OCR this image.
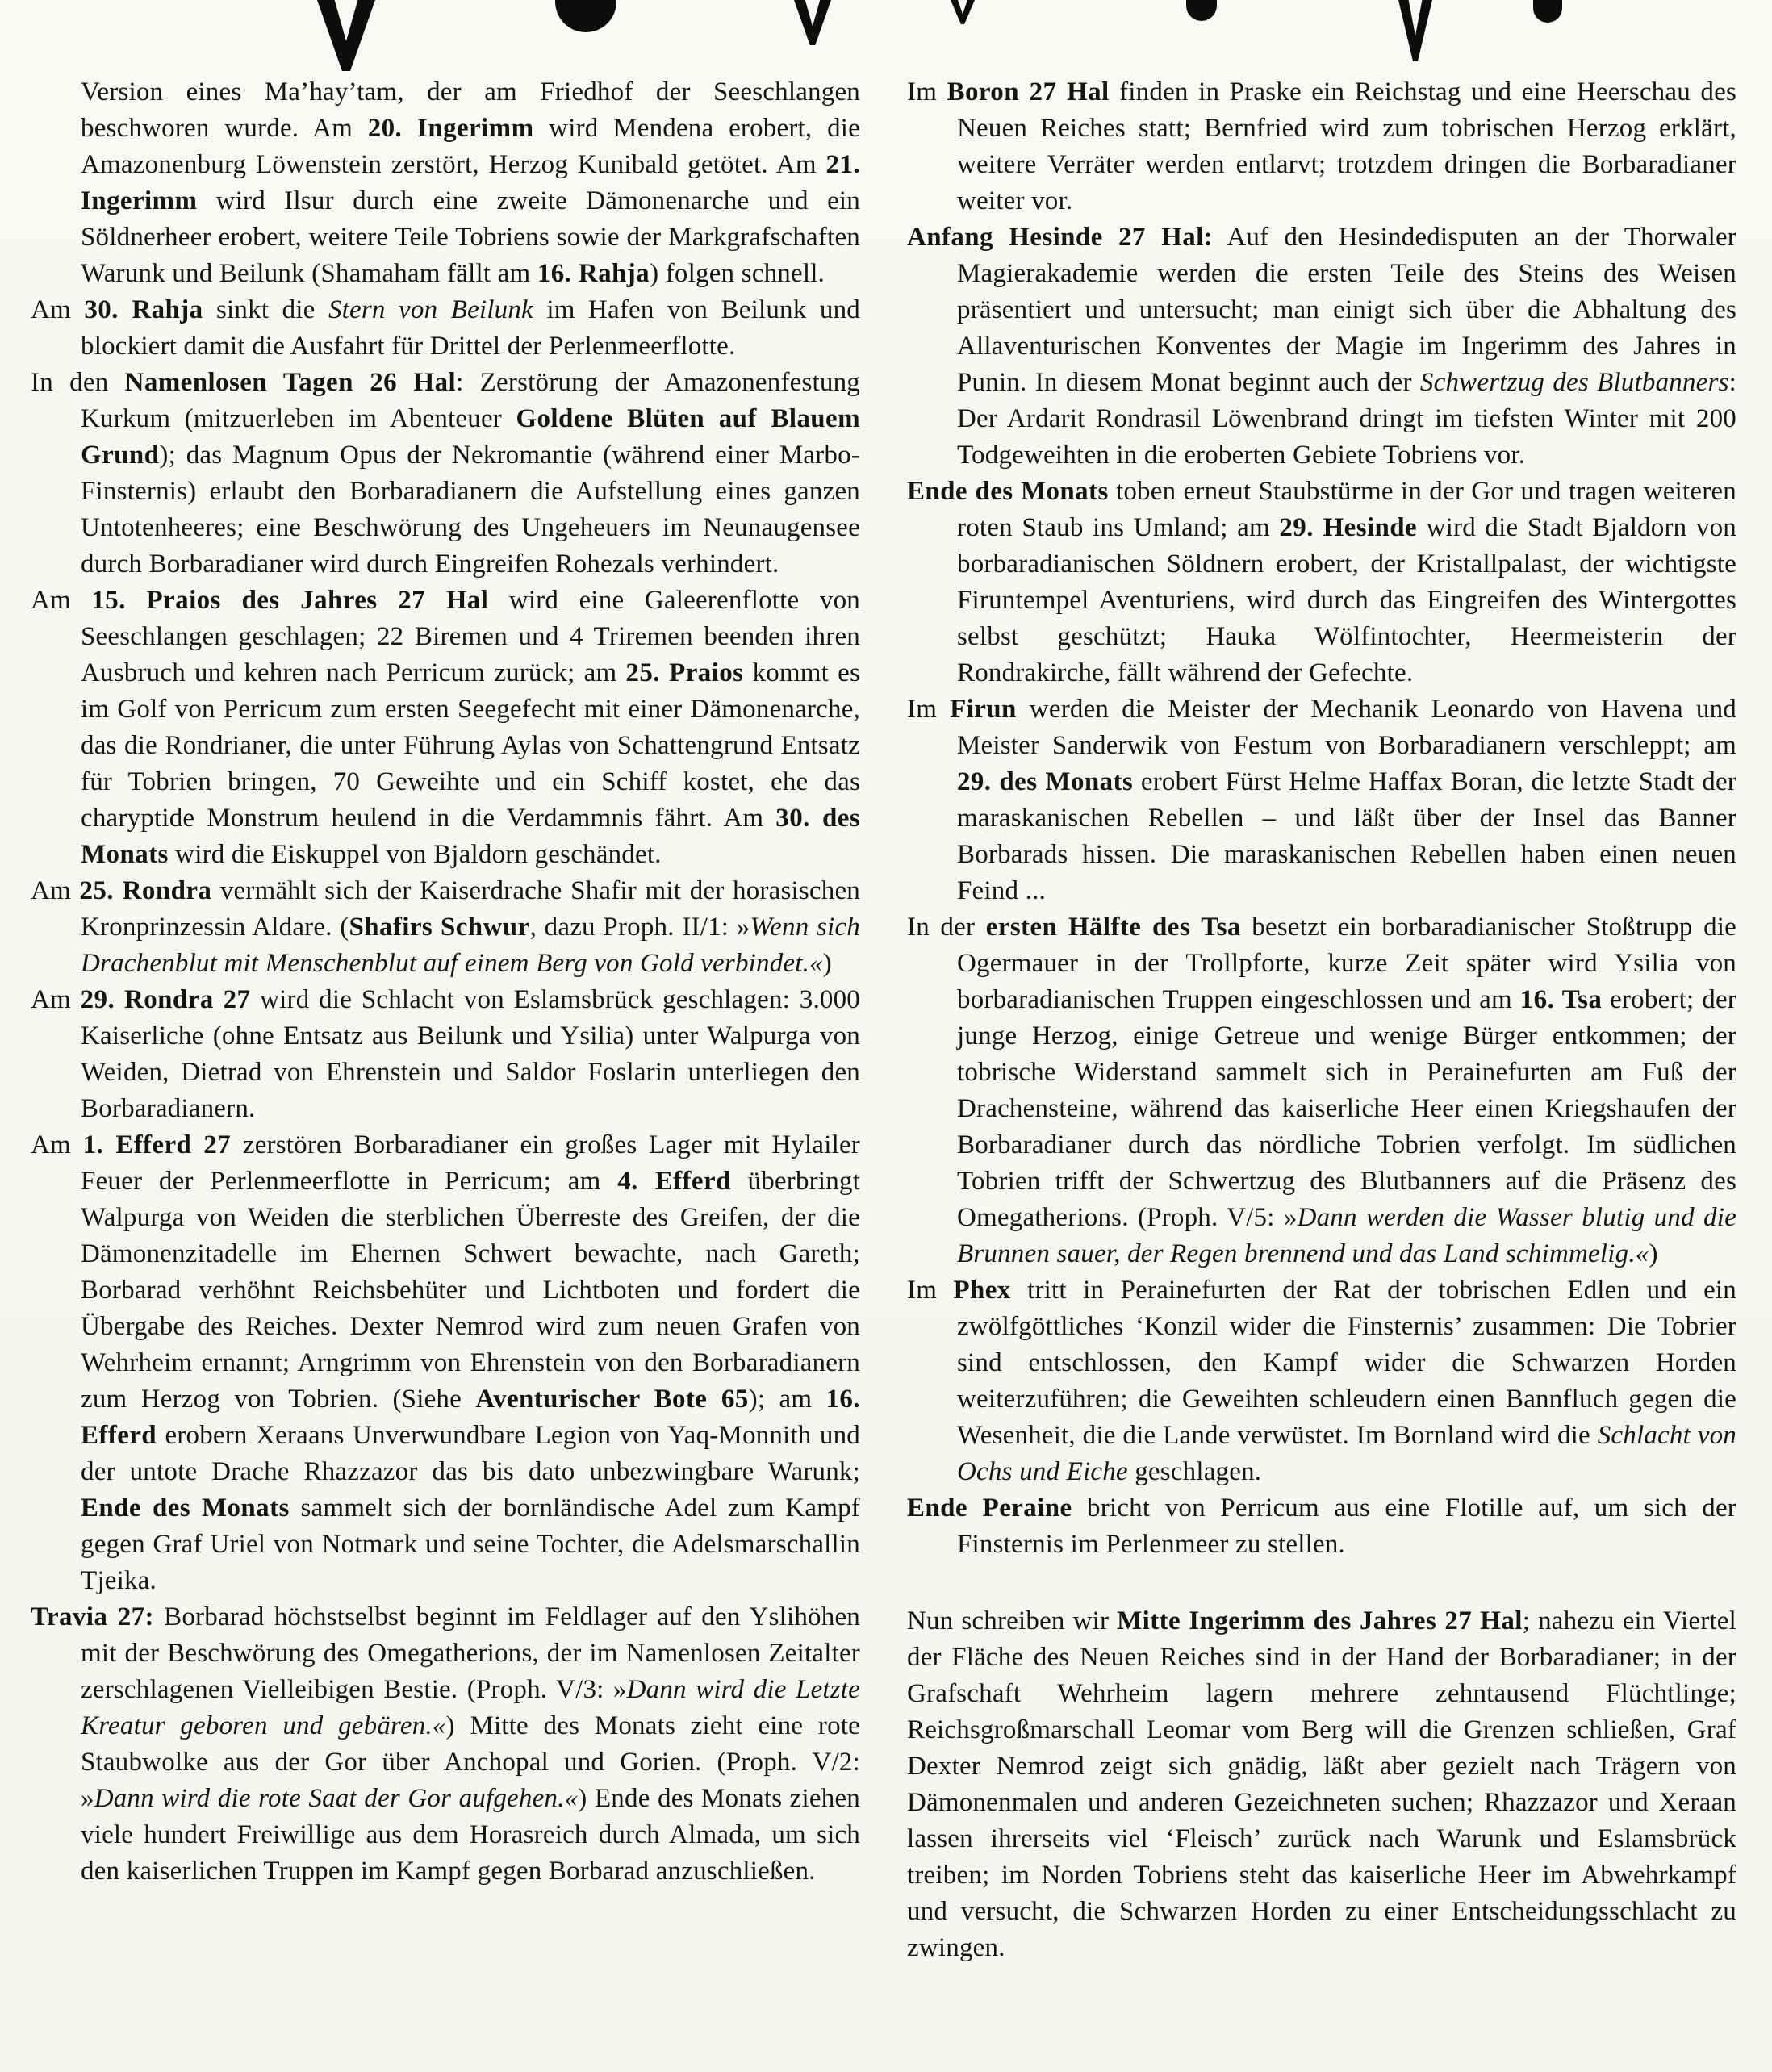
Version eines Ma’hay’tam, der am Friedhof der Seeschlangen beschworen wurde. Am 20. Ingerimm wird Mendena erobert, die Amazonenburg Löwenstein zerstört, Herzog Kunibald getötet. Am 21. Ingerimm wird Ilsur durch eine zweite Dämonenarche und ein Söldnerheer erobert, weitere Teile Tobriens sowie der Markgrafschaften Warunk und Beilunk (Shamaham fällt am 16. Rahja) folgen schnell.

Am 30. Rahja sinkt die Stern von Beilunk im Hafen von Beilunk und blockiert damit die Ausfahrt für Drittel der Perlenmeerflotte.

In den Namenlosen Tagen 26 Hal: Zerstörung der Amazonenfestung Kurkum (mitzuerleben im Abenteuer Goldene Blüten auf Blauem Grund); das Magnum Opus der Nekromantie (während einer Marbo-Finsternis) erlaubt den Borbaradianern die Aufstellung eines ganzen Untotenheeres; eine Beschwörung des Ungeheuers im Neunaugensee durch Borbaradianer wird durch Eingreifen Rohezals verhindert.

Am 15. Praios des Jahres 27 Hal wird eine Galeerenflotte von Seeschlangen geschlagen; 22 Biremen und 4 Triremen beenden ihren Ausbruch und kehren nach Perricum zurück; am 25. Praios kommt es im Golf von Perricum zum ersten Seegefecht mit einer Dämonenarche, das die Rondrianer, die unter Führung Aylas von Schattengrund Entsatz für Tobrien bringen, 70 Geweihte und ein Schiff kostet, ehe das charyptide Monstrum heulend in die Verdammnis fährt. Am 30. des Monats wird die Eiskuppel von Bjaldorn geschändet.

Am 25. Rondra vermählt sich der Kaiserdrache Shafir mit der horasischen Kronprinzessin Aldare. (Shafirs Schwur, dazu Proph. II/1: »Wenn sich Drachenblut mit Menschenblut auf einem Berg von Gold verbindet.«)

Am 29. Rondra 27 wird die Schlacht von Eslamsbrück geschlagen: 3.000 Kaiserliche (ohne Entsatz aus Beilunk und Ysilia) unter Walpurga von Weiden, Dietrad von Ehrenstein und Saldor Foslarin unterliegen den Borbaradianern.

Am 1. Efferd 27 zerstören Borbaradianer ein großes Lager mit Hylailer Feuer der Perlenmeerflotte in Perricum; am 4. Efferd überbringt Walpurga von Weiden die sterblichen Überreste des Greifen, der die Dämonenzitadelle im Ehernen Schwert bewachte, nach Gareth; Borbarad verhöhnt Reichsbehüter und Lichtboten und fordert die Übergabe des Reiches. Dexter Nemrod wird zum neuen Grafen von Wehrheim ernannt; Arngrimm von Ehrenstein von den Borbaradianern zum Herzog von Tobrien. (Siehe Aventurischer Bote 65); am 16. Efferd erobern Xeraans Unverwundbare Legion von Yaq-Monnith und der untote Drache Rhazzazor das bis dato unbezwingbare Warunk; Ende des Monats sammelt sich der bornländische Adel zum Kampf gegen Graf Uriel von Notmark und seine Tochter, die Adelsmarschallin Tjeika.

Travia 27: Borbarad höchstselbst beginnt im Feldlager auf den Yslihöhen mit der Beschwörung des Omegatherions, der im Namenlosen Zeitalter zerschlagenen Vielleibigen Bestie. (Proph. V/3: »Dann wird die Letzte Kreatur geboren und gebären.«) Mitte des Monats zieht eine rote Staubwolke aus der Gor über Anchopal und Gorien. (Proph. V/2: »Dann wird die rote Saat der Gor aufgehen.«) Ende des Monats ziehen viele hundert Freiwillige aus dem Horasreich durch Almada, um sich den kaiserlichen Truppen im Kampf gegen Borbarad anzuschließen.

Im Boron 27 Hal finden in Praske ein Reichstag und eine Heerschau des Neuen Reiches statt; Bernfried wird zum tobrischen Herzog erklärt, weitere Verräter werden entlarvt; trotzdem dringen die Borbaradianer weiter vor.

Anfang Hesinde 27 Hal: Auf den Hesindedisputen an der Thorwaler Magierakademie werden die ersten Teile des Steins des Weisen präsentiert und untersucht; man einigt sich über die Abhaltung des Allaventurischen Konventes der Magie im Ingerimm des Jahres in Punin. In diesem Monat beginnt auch der Schwertzug des Blutbanners: Der Ardarit Rondrasil Löwenbrand dringt im tiefsten Winter mit 200 Todgeweihten in die eroberten Gebiete Tobriens vor.

Ende des Monats toben erneut Staubstürme in der Gor und tragen weiteren roten Staub ins Umland; am 29. Hesinde wird die Stadt Bjaldorn von borbaradianischen Söldnern erobert, der Kristallpalast, der wichtigste Firuntempel Aventuriens, wird durch das Eingreifen des Wintergottes selbst geschützt; Hauka Wölfintochter, Heermeisterin der Rondrakirche, fällt während der Gefechte.

Im Firun werden die Meister der Mechanik Leonardo von Havena und Meister Sanderwik von Festum von Borbaradianern verschleppt; am 29. des Monats erobert Fürst Helme Haffax Boran, die letzte Stadt der maraskanischen Rebellen – und läßt über der Insel das Banner Borbarads hissen. Die maraskanischen Rebellen haben einen neuen Feind ...

In der ersten Hälfte des Tsa besetzt ein borbaradianischer Stoßtrupp die Ogermauer in der Trollpforte, kurze Zeit später wird Ysilia von borbaradianischen Truppen eingeschlossen und am 16. Tsa erobert; der junge Herzog, einige Getreue und wenige Bürger entkommen; der tobrische Widerstand sammelt sich in Perainefurten am Fuß der Drachensteine, während das kaiserliche Heer einen Kriegshaufen der Borbaradianer durch das nördliche Tobrien verfolgt. Im südlichen Tobrien trifft der Schwertzug des Blutbanners auf die Präsenz des Omegatherions. (Proph. V/5: »Dann werden die Wasser blutig und die Brunnen sauer, der Regen brennend und das Land schimmelig.«)

Im Phex tritt in Perainefurten der Rat der tobrischen Edlen und ein zwölfgöttliches ‘Konzil wider die Finsternis’ zusammen: Die Tobrier sind entschlossen, den Kampf wider die Schwarzen Horden weiterzuführen; die Geweihten schleudern einen Bannfluch gegen die Wesenheit, die die Lande verwüstet. Im Bornland wird die Schlacht von Ochs und Eiche geschlagen.

Ende Peraine bricht von Perricum aus eine Flotille auf, um sich der Finsternis im Perlenmeer zu stellen.

Nun schreiben wir Mitte Ingerimm des Jahres 27 Hal; nahezu ein Viertel der Fläche des Neuen Reiches sind in der Hand der Borbaradianer; in der Grafschaft Wehrheim lagern mehrere zehntausend Flüchtlinge; Reichsgroßmarschall Leomar vom Berg will die Grenzen schließen, Graf Dexter Nemrod zeigt sich gnädig, läßt aber gezielt nach Trägern von Dämonenmalen und anderen Gezeichneten suchen; Rhazzazor und Xeraan lassen ihrerseits viel ‘Fleisch’ zurück nach Warunk und Eslamsbrück treiben; im Norden Tobriens steht das kaiserliche Heer im Abwehrkampf und versucht, die Schwarzen Horden zu einer Entscheidungsschlacht zu zwingen.
